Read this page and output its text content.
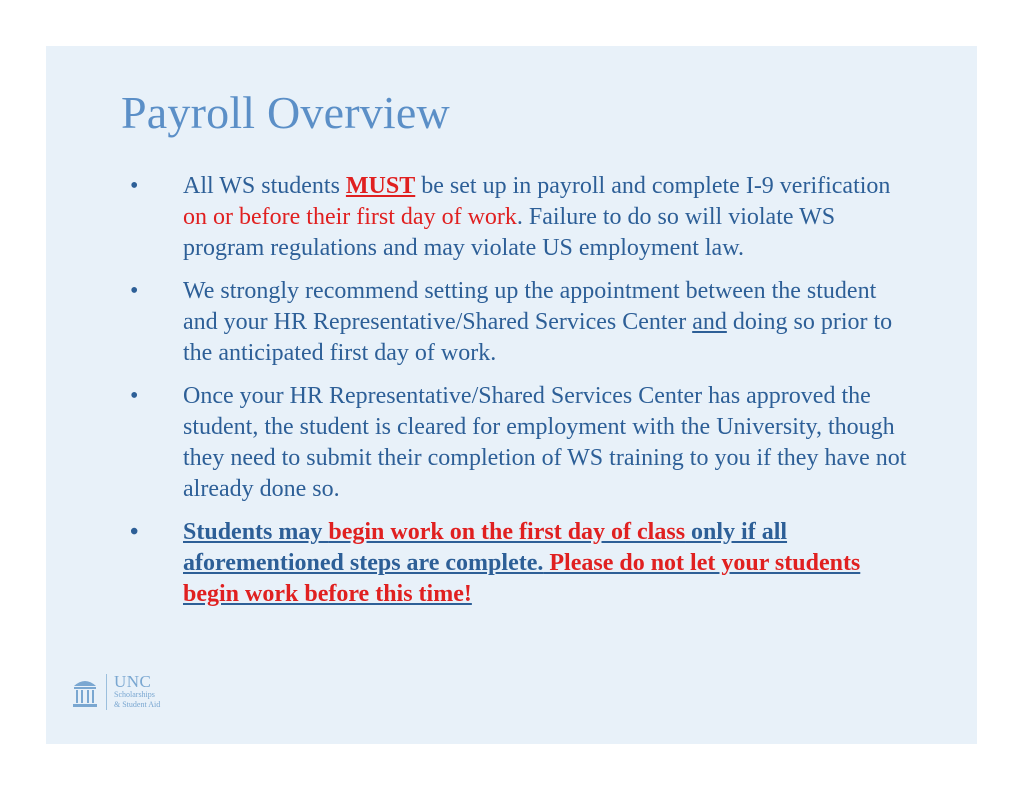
Payroll Overview
•	All WS students MUST be set up in payroll and complete I-9 verification on or before their first day of work. Failure to do so will violate WS program regulations and may violate US employment law.
•	We strongly recommend setting up the appointment between the student and your HR Representative/Shared Services Center and doing so prior to the anticipated first day of work.
•	Once your HR Representative/Shared Services Center has approved the student, the student is cleared for employment with the University, though they need to submit their completion of WS training to you if they have not already done so.
•	Students may begin work on the first day of class only if all aforementioned steps are complete. Please do not let your students begin work before this time!
UNC
Scholarships
& Student Aid
